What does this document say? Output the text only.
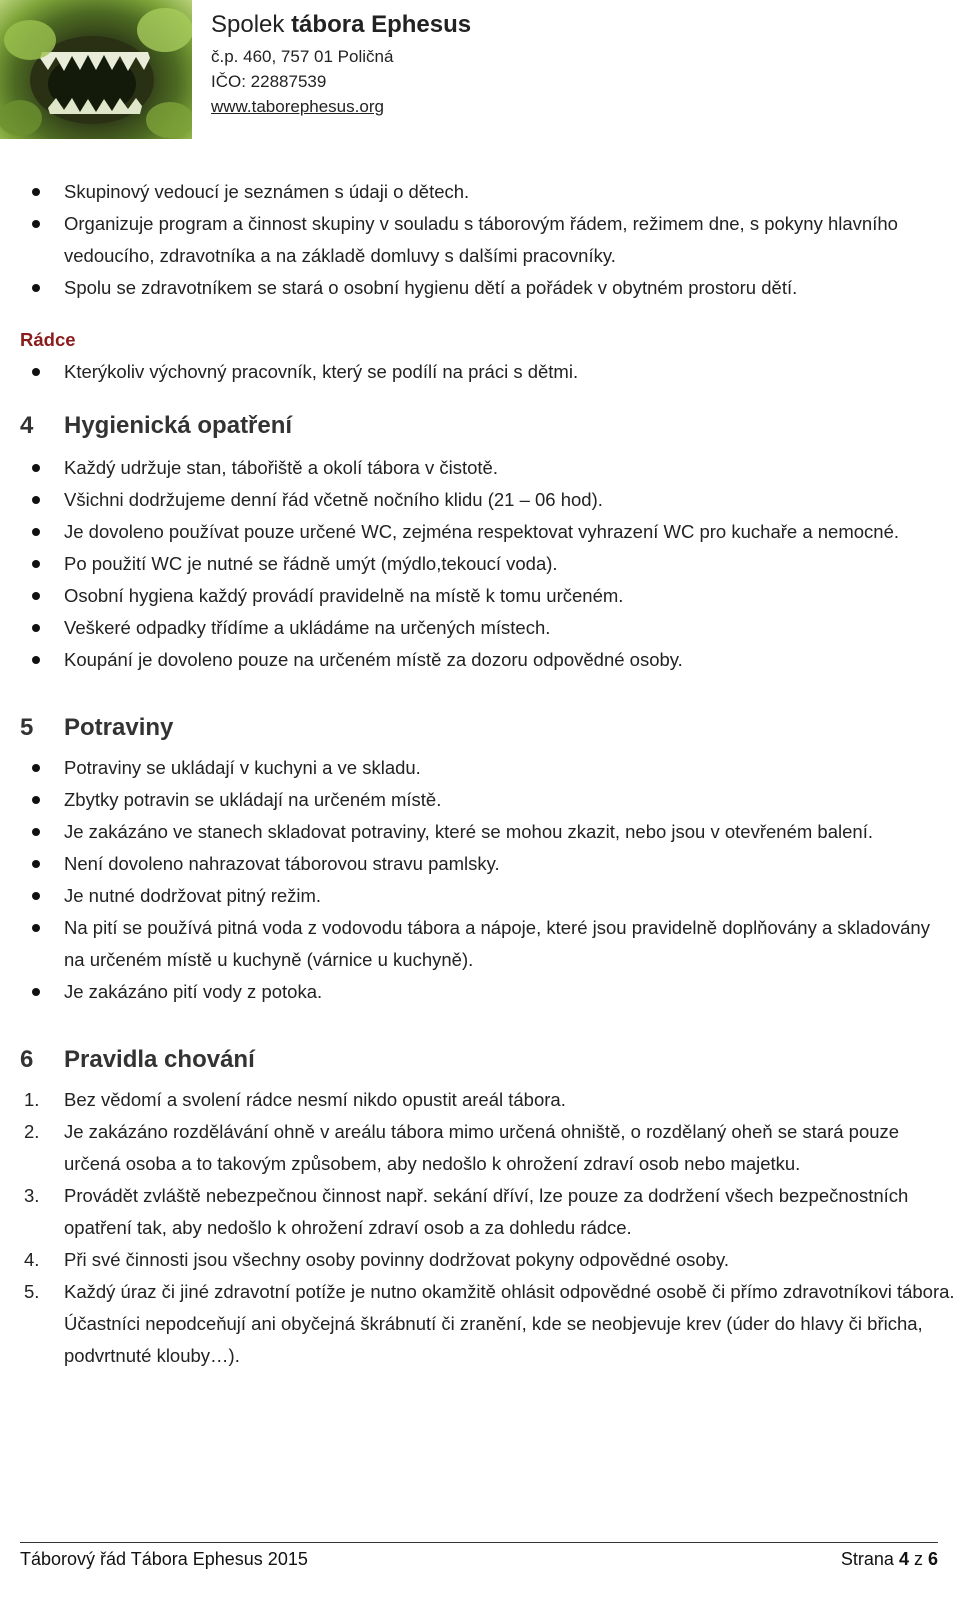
Spolek tábora Ephesus
č.p. 460, 757 01 Poličná
IČO: 22887539
www.taborephesus.org
Skupinový vedoucí je seznámen s údaji o dětech.
Organizuje program a činnost skupiny v souladu s táborovým řádem, režimem dne, s pokyny hlavního vedoucího, zdravotníka a na základě domluvy s dalšími pracovníky.
Spolu se zdravotníkem se stará o osobní hygienu dětí a pořádek v obytném prostoru dětí.
Rádce
Kterýkoliv výchovný pracovník, který se podílí na práci s dětmi.
4 Hygienická opatření
Každý udržuje stan, tábořiště a okolí tábora v čistotě.
Všichni dodržujeme denní řád včetně nočního klidu (21 – 06 hod).
Je dovoleno používat pouze určené WC, zejména respektovat vyhrazení WC pro kuchaře a nemocné.
Po použití WC je nutné se řádně umýt (mýdlo,tekoucí voda).
Osobní hygiena každý provádí pravidelně na místě k tomu určeném.
Veškeré odpadky třídíme a ukládáme na určených místech.
Koupání je dovoleno pouze na určeném místě za dozoru odpovědné osoby.
5 Potraviny
Potraviny se ukládají v kuchyni a ve skladu.
Zbytky potravin se ukládají na určeném místě.
Je zakázáno ve stanech skladovat potraviny, které se mohou zkazit, nebo jsou v otevřeném balení.
Není dovoleno nahrazovat táborovou stravu pamlsky.
Je nutné dodržovat pitný režim.
Na pití se používá pitná voda z vodovodu tábora a nápoje, které jsou pravidelně doplňovány a skladovány na určeném místě u kuchyně (várnice u kuchyně).
Je zakázáno pití vody z potoka.
6 Pravidla chování
1. Bez vědomí a svolení rádce nesmí nikdo opustit areál tábora.
2. Je zakázáno rozdělávání ohně v areálu tábora mimo určená ohniště, o rozdělaný oheň se stará pouze určená osoba a to takovým způsobem, aby nedošlo k ohrožení zdraví osob nebo majetku.
3. Provádět zvláště nebezpečnou činnost např. sekání dříví, lze pouze za dodržení všech bezpečnostních opatření tak, aby nedošlo k ohrožení zdraví osob a za dohledu rádce.
4. Při své činnosti jsou všechny osoby povinny dodržovat pokyny odpovědné osoby.
5. Každý úraz či jiné zdravotní potíže je nutno okamžitě ohlásit odpovědné osobě či přímo zdravotníkovi tábora. Účastníci nepodceňují ani obyčejná škrábnutí či zranění, kde se neobjevuje krev (úder do hlavy či břicha, podvrtnuté klouby…).
Táborový řád Tábora Ephesus 2015	Strana 4 z 6
